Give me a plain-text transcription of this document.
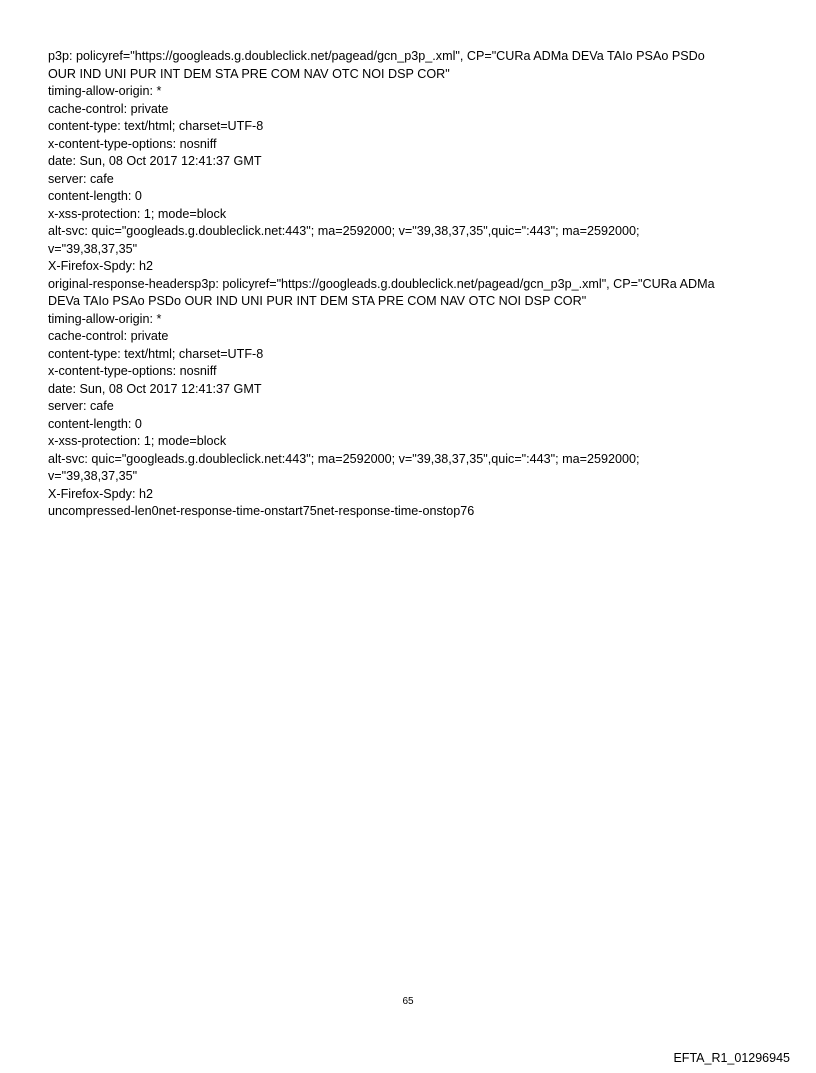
p3p: policyref="https://googleads.g.doubleclick.net/pagead/gcn_p3p_.xml", CP="CURa ADMa DEVa TAIo PSAo PSDo
OUR IND UNI PUR INT DEM STA PRE COM NAV OTC NOI DSP COR"
timing-allow-origin: *
cache-control: private
content-type: text/html; charset=UTF-8
x-content-type-options: nosniff
date: Sun, 08 Oct 2017 12:41:37 GMT
server: cafe
content-length: 0
x-xss-protection: 1; mode=block
alt-svc: quic="googleads.g.doubleclick.net:443"; ma=2592000; v="39,38,37,35",quic=":443"; ma=2592000;
v="39,38,37,35"
X-Firefox-Spdy: h2
original-response-headersp3p: policyref="https://googleads.g.doubleclick.net/pagead/gcn_p3p_.xml", CP="CURa ADMa
DEVa TAIo PSAo PSDo OUR IND UNI PUR INT DEM STA PRE COM NAV OTC NOI DSP COR"
timing-allow-origin: *
cache-control: private
content-type: text/html; charset=UTF-8
x-content-type-options: nosniff
date: Sun, 08 Oct 2017 12:41:37 GMT
server: cafe
content-length: 0
x-xss-protection: 1; mode=block
alt-svc: quic="googleads.g.doubleclick.net:443"; ma=2592000; v="39,38,37,35",quic=":443"; ma=2592000;
v="39,38,37,35"
X-Firefox-Spdy: h2
uncompressed-len0net-response-time-onstart75net-response-time-onstop76
65
EFTA_R1_01296945
